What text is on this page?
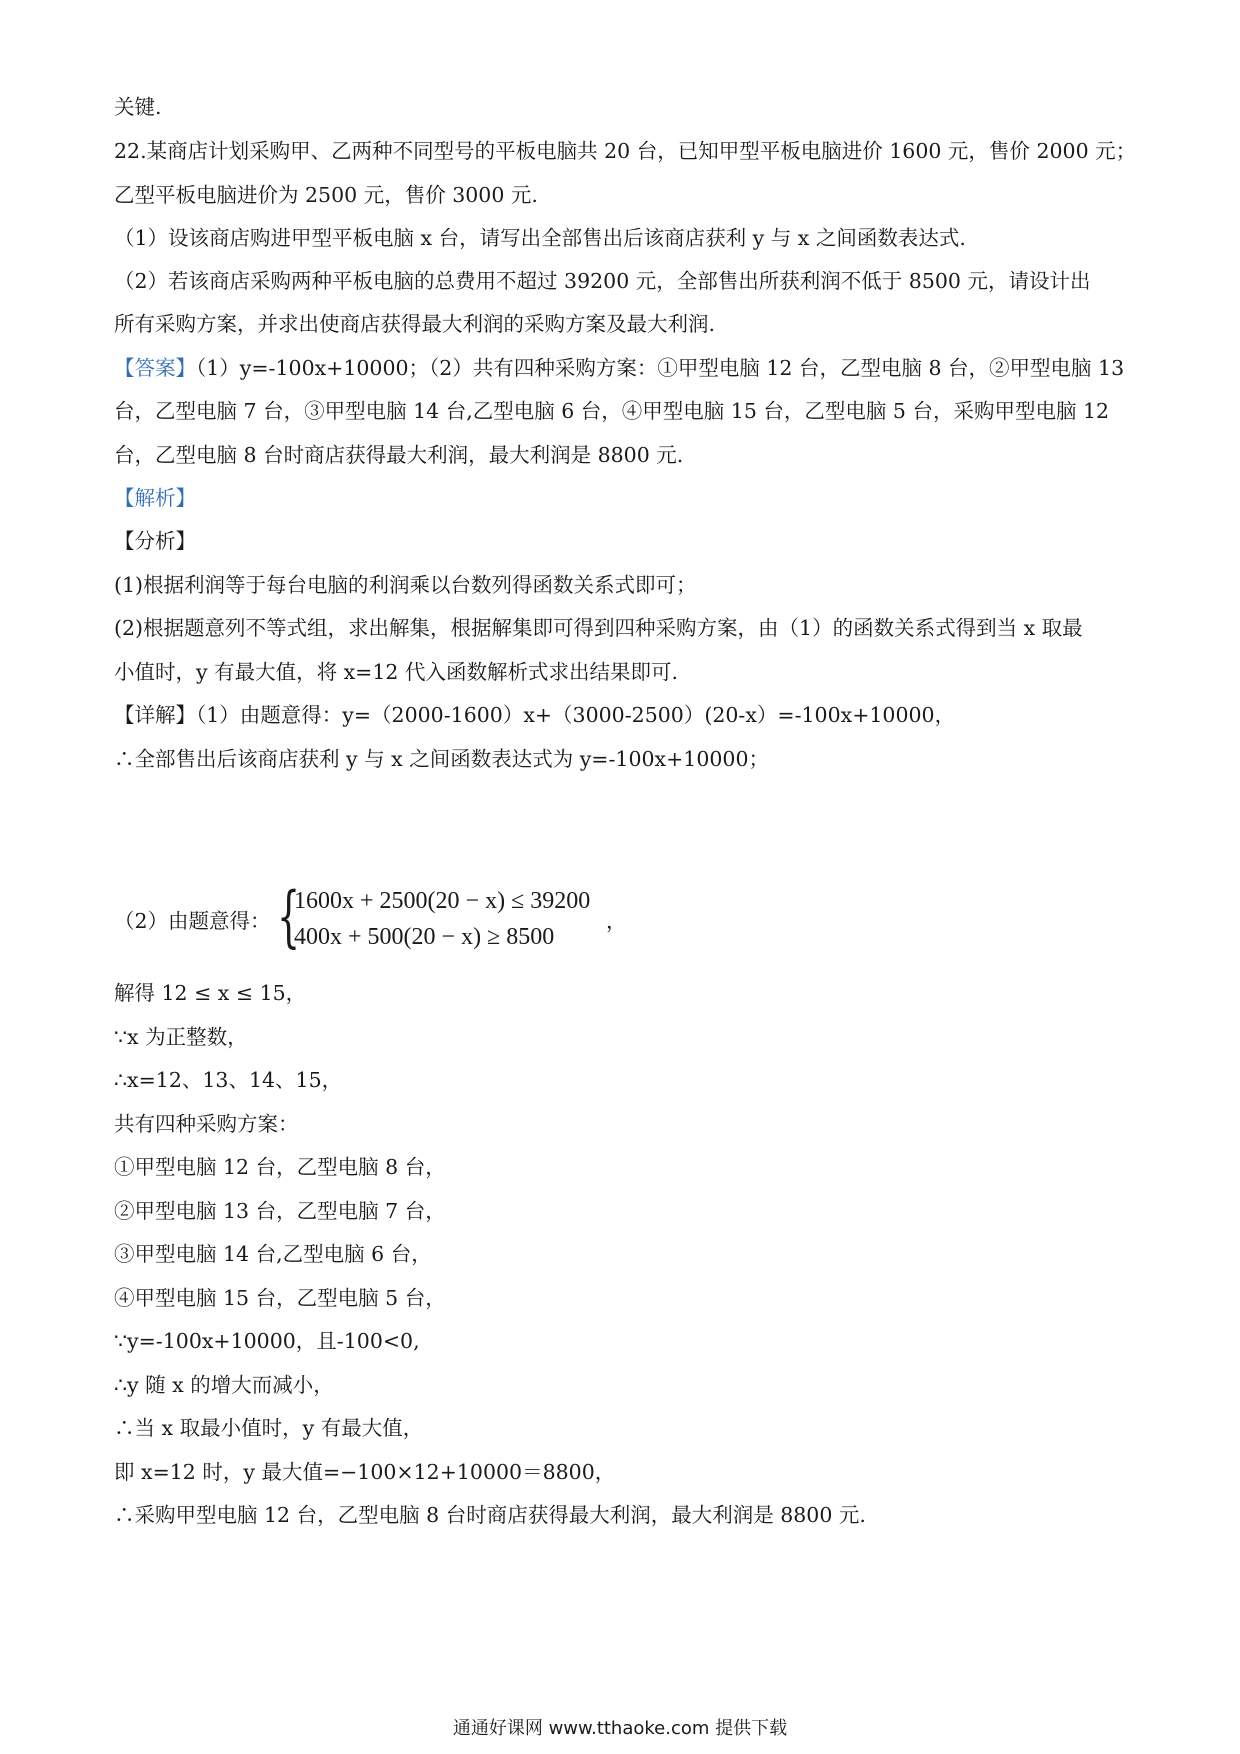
关键.
22.某商店计划采购甲、乙两种不同型号的平板电脑共 20 台，已知甲型平板电脑进价 1600 元，售价 2000 元；
乙型平板电脑进价为 2500 元，售价 3000 元.
（1）设该商店购进甲型平板电脑 x 台，请写出全部售出后该商店获利 y 与 x 之间函数表达式.
（2）若该商店采购两种平板电脑的总费用不超过 39200 元，全部售出所获利润不低于 8500 元，请设计出
所有采购方案，并求出使商店获得最大利润的采购方案及最大利润.
【答案】（1）y=-100x+10000；（2）共有四种采购方案：①甲型电脑 12 台，乙型电脑 8 台，②甲型电脑 13
台，乙型电脑 7 台，③甲型电脑 14 台,乙型电脑 6 台，④甲型电脑 15 台，乙型电脑 5 台，采购甲型电脑 12
台，乙型电脑 8 台时商店获得最大利润，最大利润是 8800 元.
【解析】
【分析】
(1)根据利润等于每台电脑的利润乘以台数列得函数关系式即可；
(2)根据题意列不等式组，求出解集，根据解集即可得到四种采购方案，由（1）的函数关系式得到当 x 取最
小值时，y 有最大值，将 x=12 代入函数解析式求出结果即可.
【详解】（1）由题意得：y=（2000-1600）x+（3000-2500）(20-x）=-100x+10000，
∴全部售出后该商店获利 y 与 x 之间函数表达式为 y=-100x+10000；
（2）由题意得： {
1600x + 2500(20 − x) ≤ 39200
400x + 500(20 − x) ≥ 8500
，
解得 12 ≤ x ≤ 15，
∵x 为正整数，
∴x=12、13、14、15，
共有四种采购方案：
①甲型电脑 12 台，乙型电脑 8 台，
②甲型电脑 13 台，乙型电脑 7 台，
③甲型电脑 14 台,乙型电脑 6 台，
④甲型电脑 15 台，乙型电脑 5 台，
∵y=-100x+10000，且-100<0,
∴y 随 x 的增大而减小，
∴当 x 取最小值时，y 有最大值，
即 x=12 时，y 最大值=−100×12+10000＝8800，
∴采购甲型电脑 12 台，乙型电脑 8 台时商店获得最大利润，最大利润是 8800 元.
通通好课网 www.tthaoke.com 提供下载
